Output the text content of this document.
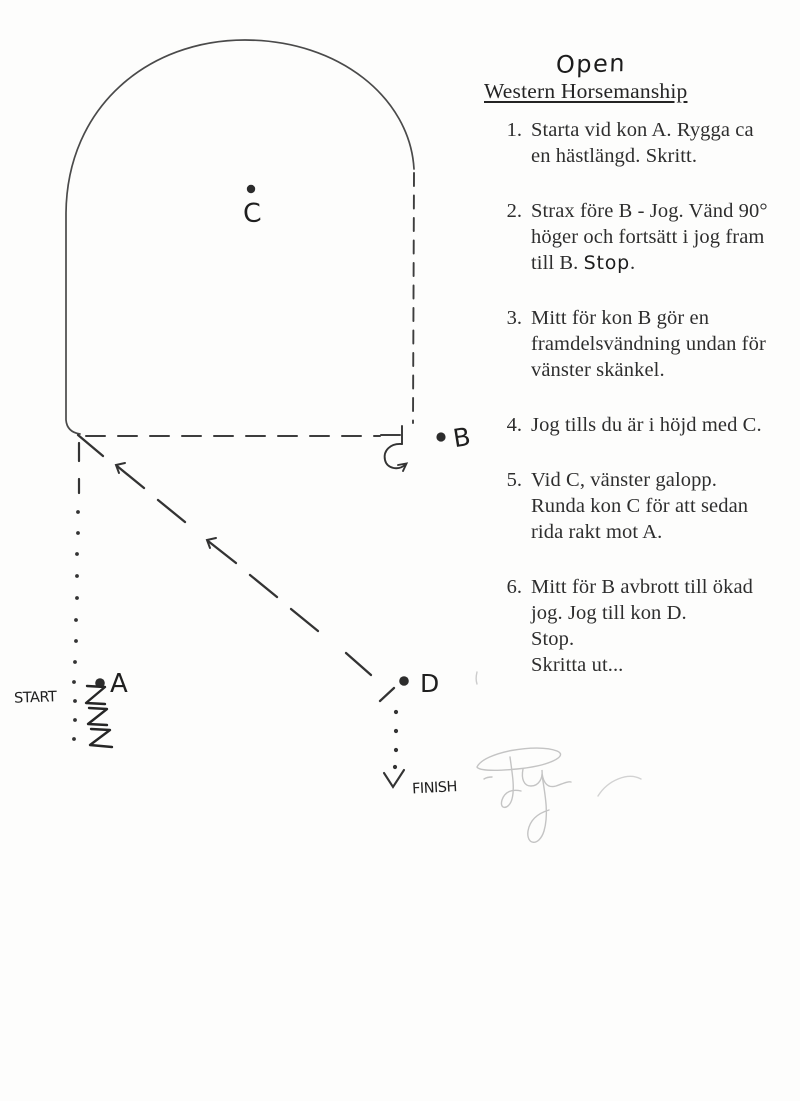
C
B
A	D
START
FINISH
Open
Western Horsemanship
1. Starta vid kon A. Rygga ca en hästlängd. Skritt.
2. Strax före B - Jog. Vänd 90° höger och fortsätt i jog fram till B. Stop.
3. Mitt för kon B gör en framdelsvändning undan för vänster skänkel.
4. Jog tills du är i höjd med C.
5. Vid C, vänster galopp. Runda kon C för att sedan rida rakt mot A.
6. Mitt för B avbrott till ökad jog. Jog till kon D.
Stop.
Skritta ut...
